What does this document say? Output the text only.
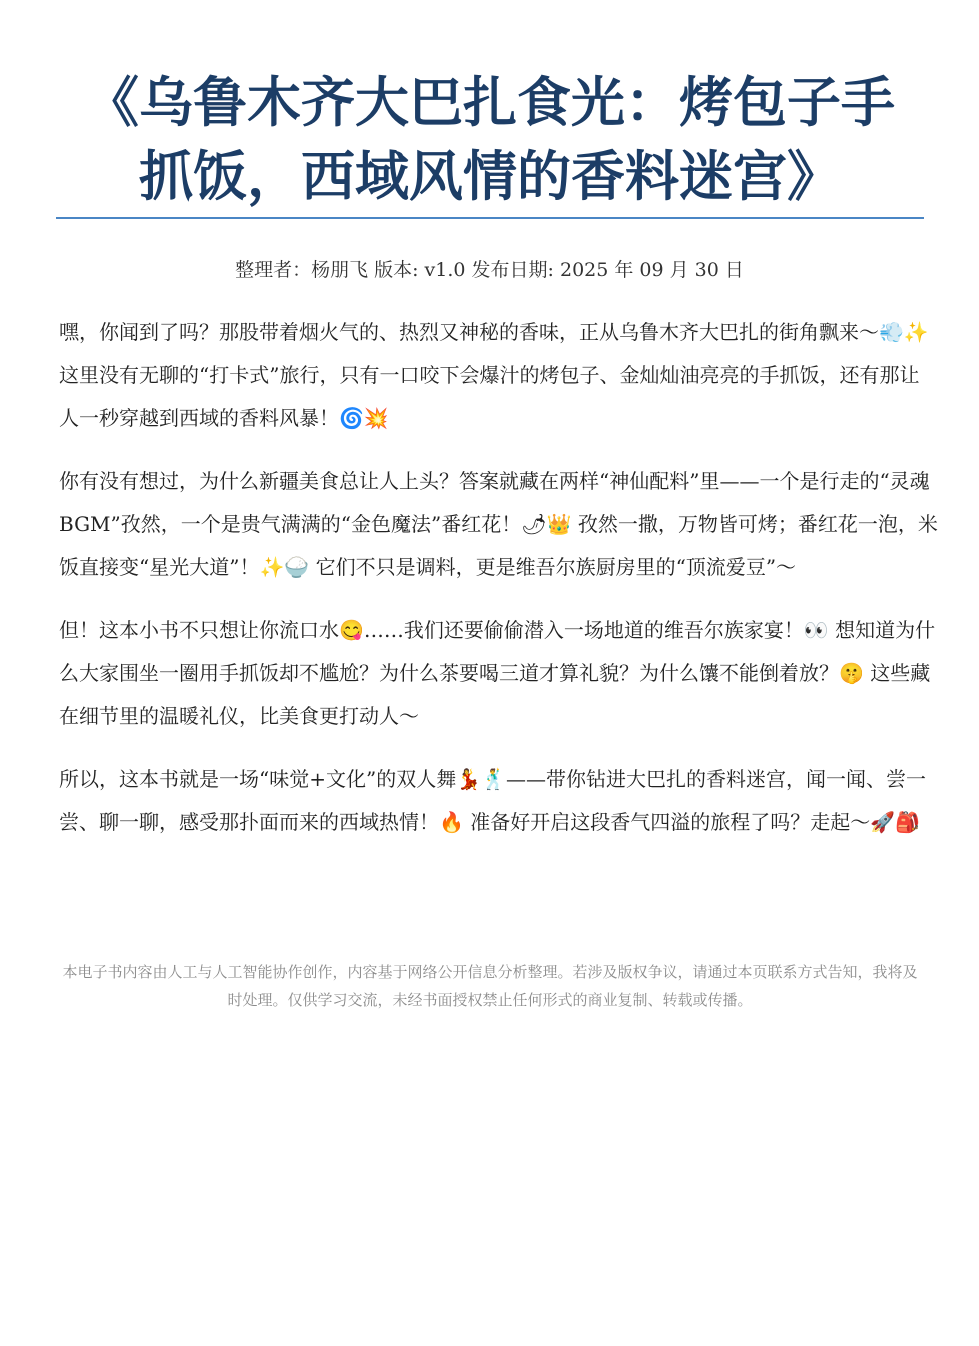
《乌鲁木齐大巴扎食光：烤包子手
抓饭，西域风情的香料迷宫》
整理者：杨朋飞 版本: v1.0 发布日期: 2025 年 09 月 30 日

嘿，你闻到了吗？那股带着烟火气的、热烈又神秘的香味，正从乌鲁木齐大巴扎的街角飘来～💨✨ 这里没有无聊的“打卡式”旅行，只有一口咬下会爆汁的烤包子、金灿灿油亮亮的手抓饭，还有那让人一秒穿越到西域的香料风暴！🌀💥

你有没有想过，为什么新疆美食总让人上头？答案就藏在两样“神仙配料”里——一个是行走的“灵魂 BGM”孜然，一个是贵气满满的“金色魔法”番红花！🌶👑 孜然一撒，万物皆可烤；番红花一泡，米饭直接变“星光大道”！✨🍚 它们不只是调料，更是维吾尔族厨房里的“顶流爱豆”～

但！这本小书不只想让你流口水😋……我们还要偷偷潜入一场地道的维吾尔族家宴！👀 想知道为什么大家围坐一圈用手抓饭却不尴尬？为什么茶要喝三道才算礼貌？为什么馕不能倒着放？🤫 这些藏在细节里的温暖礼仪，比美食更打动人～

所以，这本书就是一场“味觉+文化”的双人舞💃🕺——带你钻进大巴扎的香料迷宫，闻一闻、尝一尝、聊一聊，感受那扑面而来的西域热情！🔥 准备好开启这段香气四溢的旅程了吗？走起～🚀🎒

本电子书内容由人工与人工智能协作创作，内容基于网络公开信息分析整理。若涉及版权争议，请通过本页联系方式告知，我将及时处理。仅供学习交流，未经书面授权禁止任何形式的商业复制、转载或传播。
